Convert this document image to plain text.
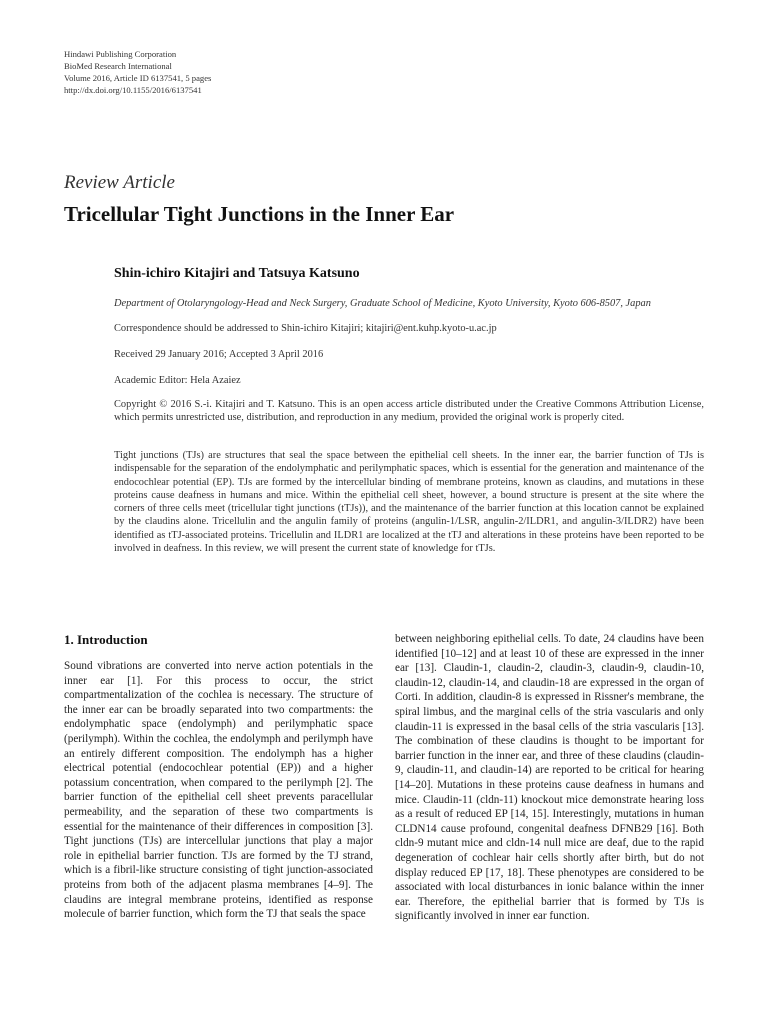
Hindawi Publishing Corporation
BioMed Research International
Volume 2016, Article ID 6137541, 5 pages
http://dx.doi.org/10.1155/2016/6137541
Review Article
Tricellular Tight Junctions in the Inner Ear
Shin-ichiro Kitajiri and Tatsuya Katsuno
Department of Otolaryngology-Head and Neck Surgery, Graduate School of Medicine, Kyoto University, Kyoto 606-8507, Japan
Correspondence should be addressed to Shin-ichiro Kitajiri; kitajiri@ent.kuhp.kyoto-u.ac.jp
Received 29 January 2016; Accepted 3 April 2016
Academic Editor: Hela Azaiez
Copyright © 2016 S.-i. Kitajiri and T. Katsuno. This is an open access article distributed under the Creative Commons Attribution License, which permits unrestricted use, distribution, and reproduction in any medium, provided the original work is properly cited.
Tight junctions (TJs) are structures that seal the space between the epithelial cell sheets. In the inner ear, the barrier function of TJs is indispensable for the separation of the endolymphatic and perilymphatic spaces, which is essential for the generation and maintenance of the endocochlear potential (EP). TJs are formed by the intercellular binding of membrane proteins, known as claudins, and mutations in these proteins cause deafness in humans and mice. Within the epithelial cell sheet, however, a bound structure is present at the site where the corners of three cells meet (tricellular tight junctions (tTJs)), and the maintenance of the barrier function at this location cannot be explained by the claudins alone. Tricellulin and the angulin family of proteins (angulin-1/LSR, angulin-2/ILDR1, and angulin-3/ILDR2) have been identified as tTJ-associated proteins. Tricellulin and ILDR1 are localized at the tTJ and alterations in these proteins have been reported to be involved in deafness. In this review, we will present the current state of knowledge for tTJs.
1. Introduction

Sound vibrations are converted into nerve action potentials in the inner ear [1]. For this process to occur, the strict compartmentalization of the cochlea is necessary. The structure of the inner ear can be broadly separated into two compartments: the endolymphatic space (endolymph) and perilymphatic space (perilymph). Within the cochlea, the endolymph and perilymph have an entirely different composition. The endolymph has a higher electrical potential (endocochlear potential (EP)) and a higher potassium concentration, when compared to the perilymph [2]. The barrier function of the epithelial cell sheet prevents paracellular permeability, and the separation of these two compartments is essential for the maintenance of their differences in composition [3]. Tight junctions (TJs) are intercellular junctions that play a major role in epithelial barrier function. TJs are formed by the TJ strand, which is a fibril-like structure consisting of tight junction-associated proteins from both of the adjacent plasma membranes [4–9]. The claudins are integral membrane proteins, identified as response molecule of barrier function, which form the TJ that seals the space

between neighboring epithelial cells. To date, 24 claudins have been identified [10–12] and at least 10 of these are expressed in the inner ear [13]. Claudin-1, claudin-2, claudin-3, claudin-9, claudin-10, claudin-12, claudin-14, and claudin-18 are expressed in the organ of Corti. In addition, claudin-8 is expressed in Rissner's membrane, the spiral limbus, and the marginal cells of the stria vascularis and only claudin-11 is expressed in the basal cells of the stria vascularis [13]. The combination of these claudins is thought to be important for barrier function in the inner ear, and three of these claudins (claudin-9, claudin-11, and claudin-14) are reported to be critical for hearing [14–20]. Mutations in these proteins cause deafness in humans and mice. Claudin-11 (cldn-11) knockout mice demonstrate hearing loss as a result of reduced EP [14, 15]. Interestingly, mutations in human CLDN14 cause profound, congenital deafness DFNB29 [16]. Both cldn-9 mutant mice and cldn-14 null mice are deaf, due to the rapid degeneration of cochlear hair cells shortly after birth, but do not display reduced EP [17, 18]. These phenotypes are considered to be associated with local disturbances in ionic balance within the inner ear. Therefore, the epithelial barrier that is formed by TJs is significantly involved in inner ear function.
